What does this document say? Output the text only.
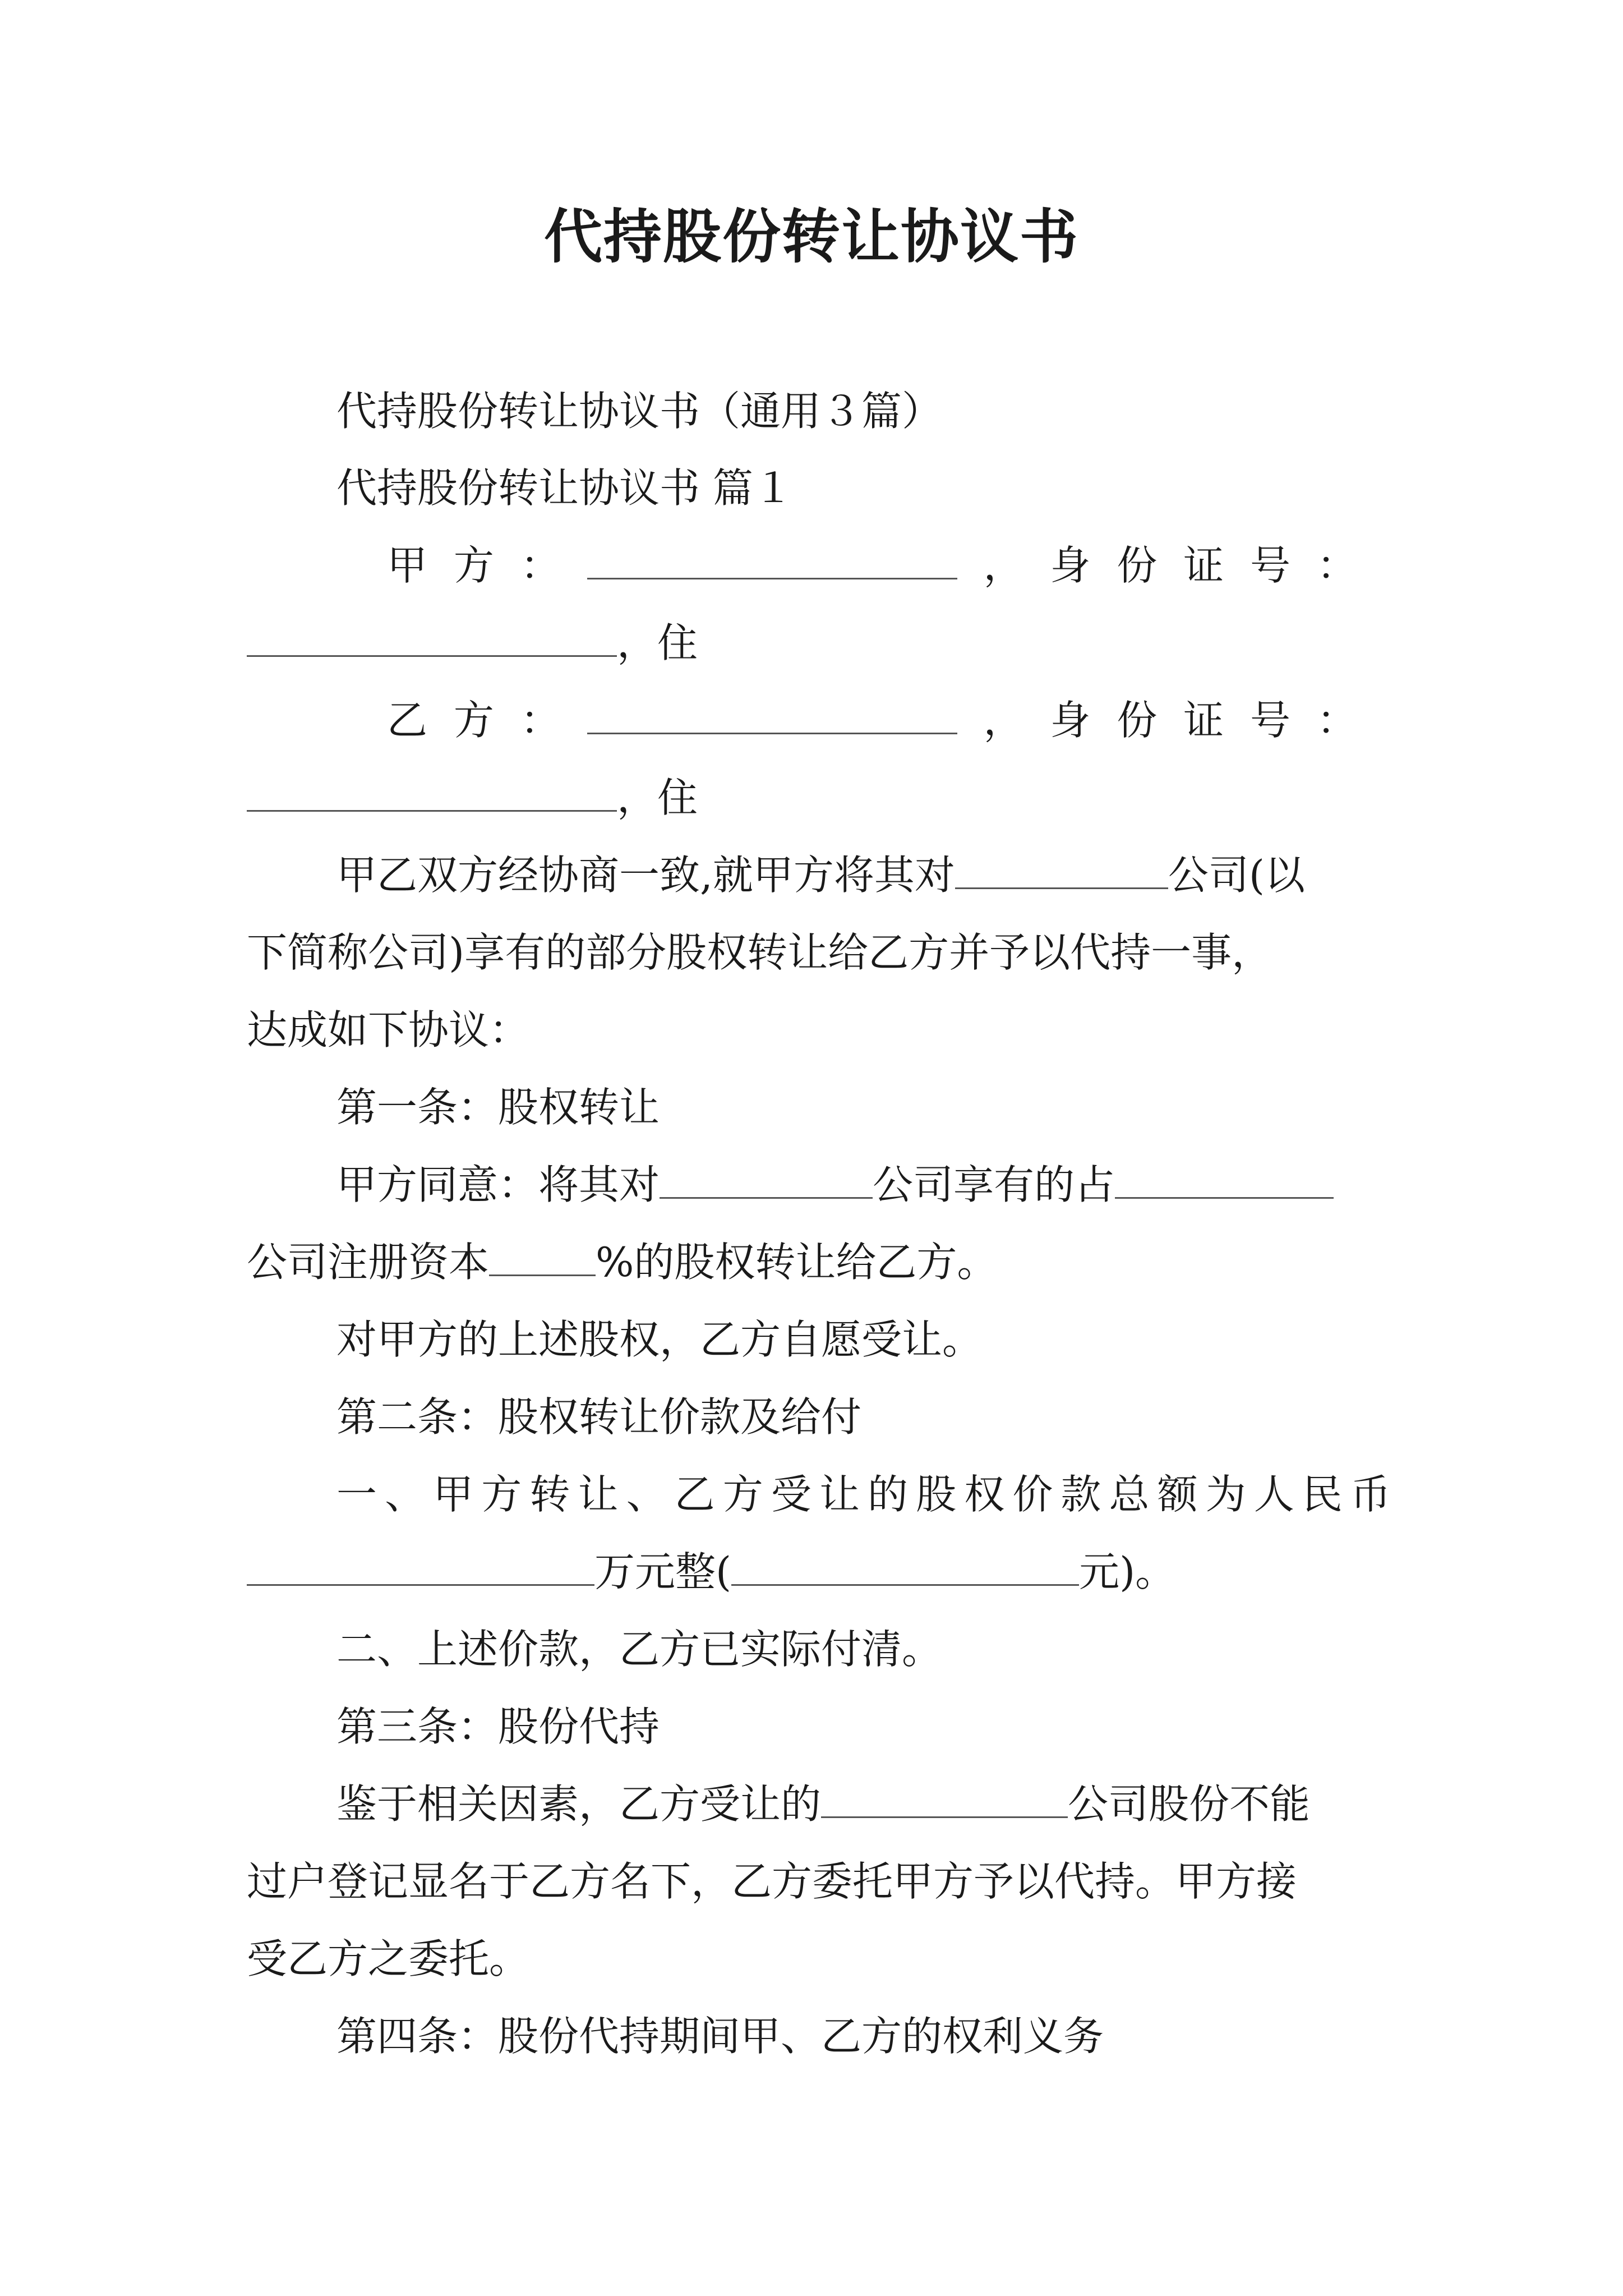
代持股份转让协议书
代持股份转让协议书（通用３篇）
代持股份转让协议书 篇１
甲 方 ：	， 身 份 证 号 ：
，住
乙 方 ：	， 身 份 证 号 ：
，住
甲乙双方经协商一致,就甲方将其对	公司(以
下简称公司)享有的部分股权转让给乙方并予以代持一事，
达成如下协议：
第一条：股权转让
甲方同意：将其对	公司享有的占
公司注册资本	%的股权转让给乙方。
对甲方的上述股权，乙方自愿受让。
第二条：股权转让价款及给付
一 、 甲 方 转 让 、 乙 方 受 让 的 股 权 价 款 总 额 为 人 民 币
万元整(	元)。
二、上述价款，乙方已实际付清。
第三条：股份代持
鉴于相关因素，乙方受让的	公司股份不能
过户登记显名于乙方名下，乙方委托甲方予以代持。甲方接
受乙方之委托。
第四条：股份代持期间甲、乙方的权利义务
